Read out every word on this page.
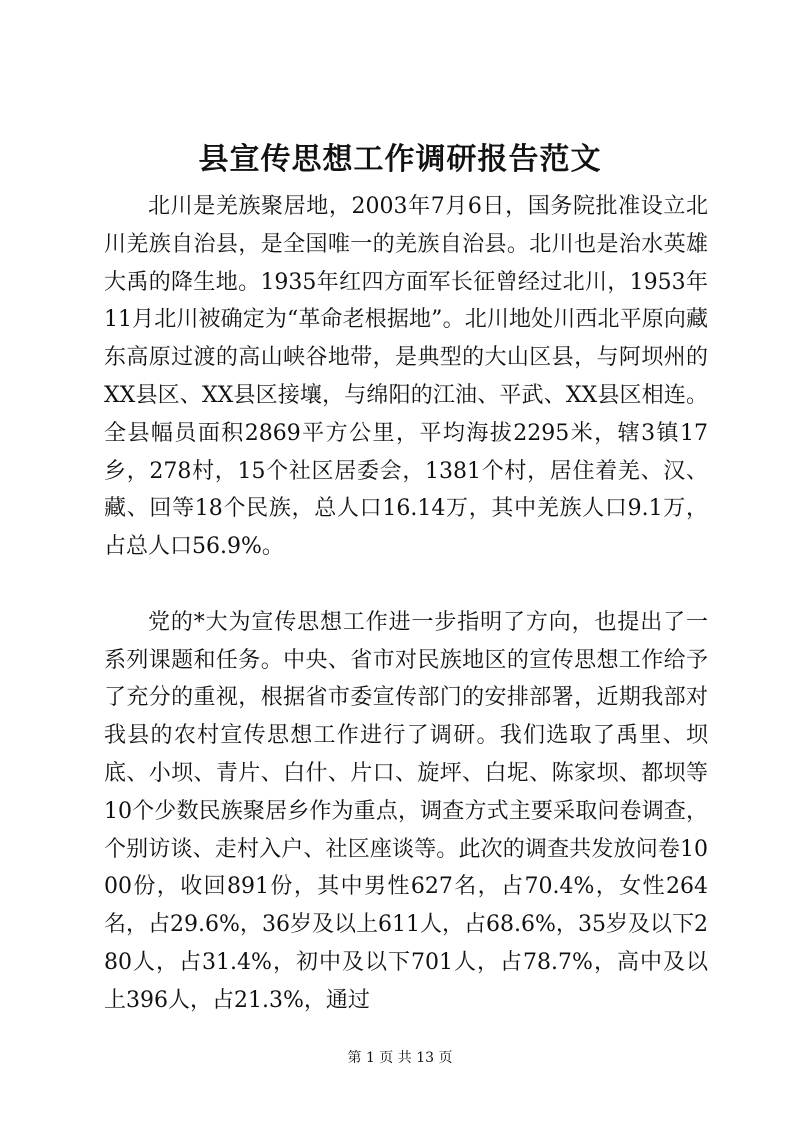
县宣传思想工作调研报告范文

北川是羌族聚居地，2003年7月6日，国务院批准设立北川羌族自治县，是全国唯一的羌族自治县。北川也是治水英雄大禹的降生地。1935年红四方面军长征曾经过北川，1953年11月北川被确定为“革命老根据地”。北川地处川西北平原向藏东高原过渡的高山峡谷地带，是典型的大山区县，与阿坝州的XX县区、XX县区接壤，与绵阳的江油、平武、XX县区相连。全县幅员面积2869平方公里，平均海拔2295米，辖3镇17乡，278村，15个社区居委会，1381个村，居住着羌、汉、藏、回等18个民族，总人口16.14万，其中羌族人口9.1万，占总人口56.9%。

党的*大为宣传思想工作进一步指明了方向，也提出了一系列课题和任务。中央、省市对民族地区的宣传思想工作给予了充分的重视，根据省市委宣传部门的安排部署，近期我部对我县的农村宣传思想工作进行了调研。我们选取了禹里、坝底、小坝、青片、白什、片口、旋坪、白坭、陈家坝、都坝等10个少数民族聚居乡作为重点，调查方式主要采取问卷调查，个别访谈、走村入户、社区座谈等。此次的调查共发放问卷1000份，收回891份，其中男性627名，占70.4%，女性264名，占29.6%，36岁及以上611人，占68.6%，35岁及以下280人，占31.4%，初中及以下701人，占78.7%，高中及以上396人，占21.3%，通过

第 1 页 共 13 页
